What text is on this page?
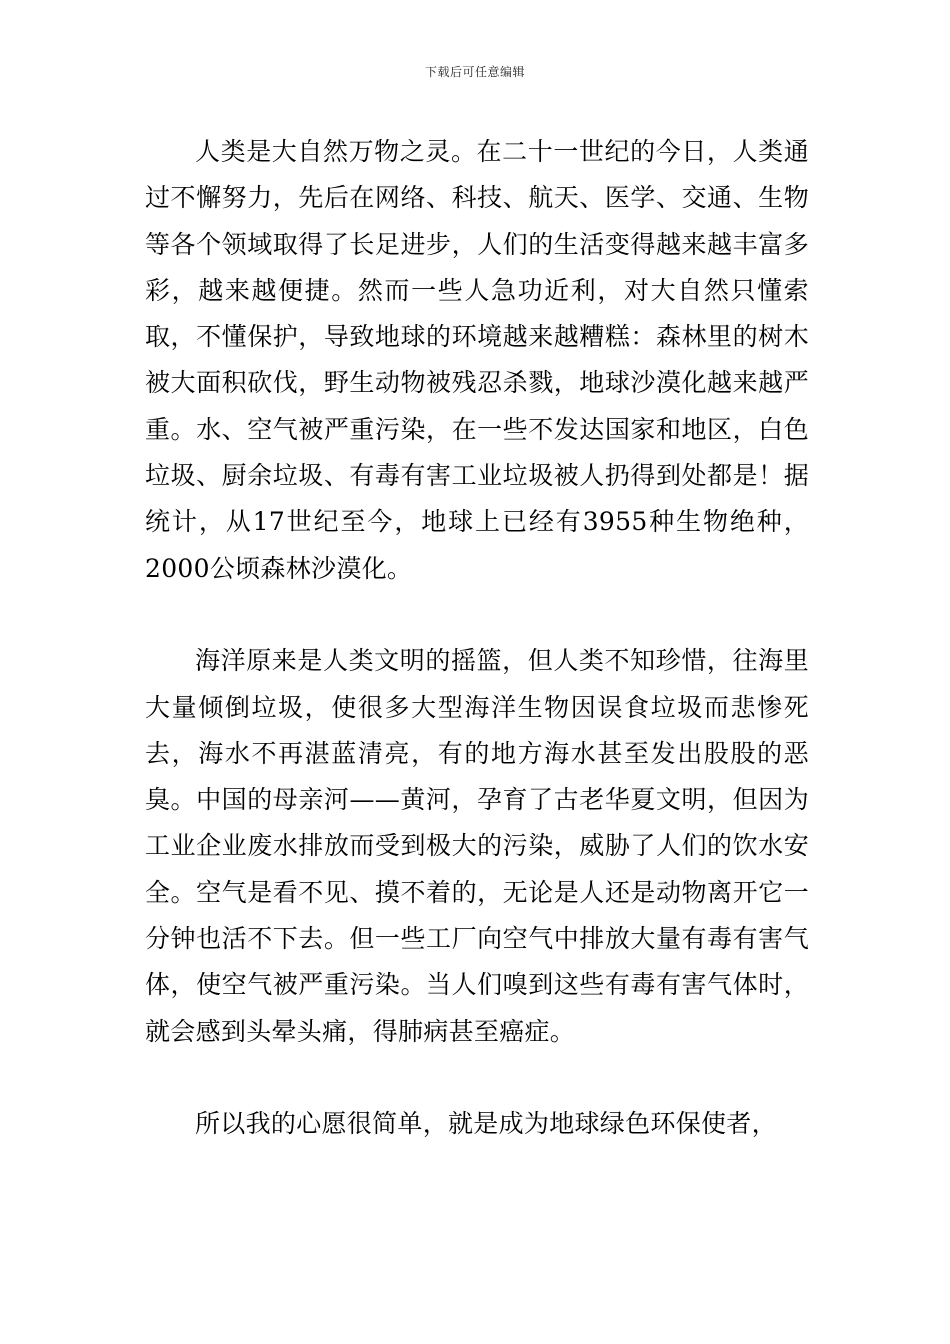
下载后可任意编辑

人类是大自然万物之灵。在二十一世纪的今日，人类通过不懈努力，先后在网络、科技、航天、医学、交通、生物等各个领域取得了长足进步，人们的生活变得越来越丰富多彩，越来越便捷。然而一些人急功近利，对大自然只懂索取，不懂保护，导致地球的环境越来越糟糕：森林里的树木被大面积砍伐，野生动物被残忍杀戮，地球沙漠化越来越严重。水、空气被严重污染，在一些不发达国家和地区，白色垃圾、厨余垃圾、有毒有害工业垃圾被人扔得到处都是！据统计，从17世纪至今，地球上已经有3955种生物绝种，2000公顷森林沙漠化。

海洋原来是人类文明的摇篮，但人类不知珍惜，往海里大量倾倒垃圾，使很多大型海洋生物因误食垃圾而悲惨死去，海水不再湛蓝清亮，有的地方海水甚至发出股股的恶臭。中国的母亲河——黄河，孕育了古老华夏文明，但因为工业企业废水排放而受到极大的污染，威胁了人们的饮水安全。空气是看不见、摸不着的，无论是人还是动物离开它一分钟也活不下去。但一些工厂向空气中排放大量有毒有害气体，使空气被严重污染。当人们嗅到这些有毒有害气体时，就会感到头晕头痛，得肺病甚至癌症。

所以我的心愿很简单，就是成为地球绿色环保使者，
